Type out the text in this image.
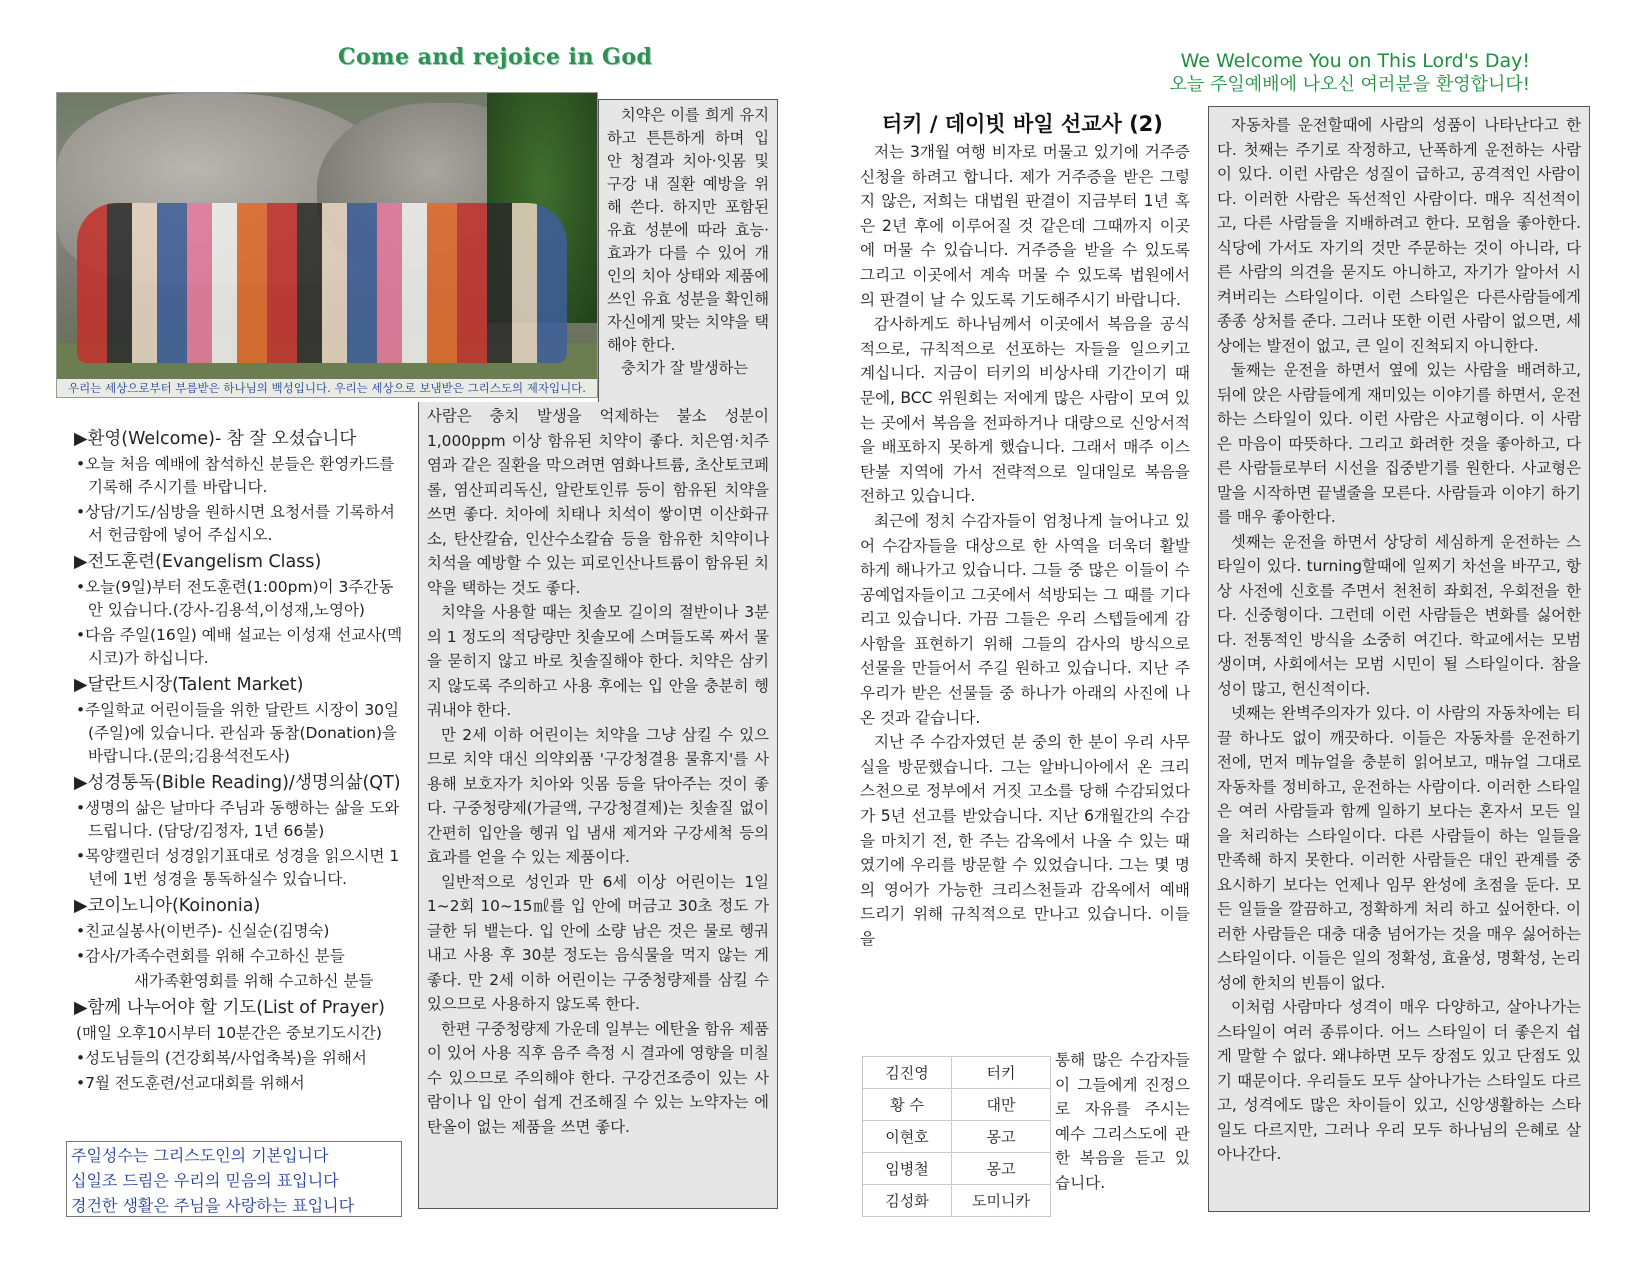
Come and rejoice in God	We Welcome You on This Lord's Day!
오늘 주일예배에 나오신 여러분을 환영합니다!
우리는 세상으로부터 부름받은 하나님의 백성입니다. 우리는 세상으로 보냄받은 그리스도의 제자입니다.

치약은 이를 희게 유지하고 튼튼하게 하며 입 안 청결과 치아·잇몸 및 구강 내 질환 예방을 위해 쓴다. 하지만 포함된 유효 성분에 따라 효능·효과가 다를 수 있어 개인의 치아 상태와 제품에 쓰인 유효 성분을 확인해 자신에게 맞는 치약을 택해야 한다.

충치가 잘 발생하는

사람은 충치 발생을 억제하는 불소 성분이 1,000ppm 이상 함유된 치약이 좋다. 치은염·치주염과 같은 질환을 막으려면 염화나트륨, 초산토코페롤, 염산피리독신, 알란토인류 등이 함유된 치약을 쓰면 좋다. 치아에 치태나 치석이 쌓이면 이산화규소, 탄산칼슘, 인산수소칼슘 등을 함유한 치약이나 치석을 예방할 수 있는 피로인산나트륨이 함유된 치약을 택하는 것도 좋다.

치약을 사용할 때는 칫솔모 길이의 절반이나 3분의 1 정도의 적당량만 칫솔모에 스며들도록 짜서 물을 묻히지 않고 바로 칫솔질해야 한다. 치약은 삼키지 않도록 주의하고 사용 후에는 입 안을 충분히 헹궈내야 한다.

만 2세 이하 어린이는 치약을 그냥 삼킬 수 있으므로 치약 대신 의약외품 '구강청결용 물휴지'를 사용해 보호자가 치아와 잇몸 등을 닦아주는 것이 좋다. 구중청량제(가글액, 구강청결제)는 칫솔질 없이 간편히 입안을 헹궈 입 냄새 제거와 구강세척 등의 효과를 얻을 수 있는 제품이다.

일반적으로 성인과 만 6세 이상 어린이는 1일 1~2회 10~15㎖를 입 안에 머금고 30초 정도 가글한 뒤 뱉는다. 입 안에 소량 남은 것은 물로 헹궈내고 사용 후 30분 정도는 음식물을 먹지 않는 게 좋다. 만 2세 이하 어린이는 구중청량제를 삼킬 수 있으므로 사용하지 않도록 한다.

한편 구중청량제 가운데 일부는 에탄올 함유 제품이 있어 사용 직후 음주 측정 시 결과에 영향을 미칠 수 있으므로 주의해야 한다. 구강건조증이 있는 사람이나 입 안이 쉽게 건조해질 수 있는 노약자는 에탄올이 없는 제품을 쓰면 좋다.

▶환영(Welcome)- 참 잘 오셨습니다

•오늘 처음 예배에 참석하신 분들은 환영카드를 기록해 주시기를 바랍니다.

•상담/기도/심방을 원하시면 요청서를 기록하셔서 헌금함에 넣어 주십시오.

▶전도훈련(Evangelism Class)

•오늘(9일)부터 전도훈련(1:00pm)이 3주간동안 있습니다.(강사-김용석,이성재,노영아)

•다음 주일(16일) 예배 설교는 이성재 선교사(멕시코)가 하십니다.

▶달란트시장(Talent Market)

•주일학교 어린이들을 위한 달란트 시장이 30일(주일)에 있습니다. 관심과 동참(Donation)을 바랍니다.(문의;김용석전도사)

▶성경통독(Bible Reading)/생명의삶(QT)

•생명의 삶은 날마다 주님과 동행하는 삶을 도와드립니다. (담당/김정자, 1년 66불)

•목양캘린더 성경읽기표대로 성경을 읽으시면 1년에 1번 성경을 통독하실수 있습니다.

▶코이노니아(Koinonia)

•친교실봉사(이번주)- 신실순(김명숙)

•감사/가족수련회를 위해 수고하신 분들

새가족환영회를 위해 수고하신 분들

▶함께 나누어야 할 기도(List of Prayer)

(매일 오후10시부터 10분간은 중보기도시간)

•성도님들의 (건강회복/사업축복)을 위해서

•7월 전도훈련/선교대회를 위해서

주일성수는 그리스도인의 기본입니다
십일조 드림은 우리의 믿음의 표입니다
경건한 생활은 주님을 사랑하는 표입니다
터키 / 데이빗 바일 선교사 (2)

저는 3개월 여행 비자로 머물고 있기에 거주증 신청을 하려고 합니다. 제가 거주증을 받은 그렇지 않은, 저희는 대법원 판결이 지금부터 1년 혹은 2년 후에 이루어질 것 같은데 그때까지 이곳에 머물 수 있습니다. 거주증을 받을 수 있도록 그리고 이곳에서 계속 머물 수 있도록 법원에서의 판결이 날 수 있도록 기도해주시기 바랍니다.

감사하게도 하나님께서 이곳에서 복음을 공식적으로, 규칙적으로 선포하는 자들을 일으키고 계십니다. 지금이 터키의 비상사태 기간이기 때문에, BCC 위원회는 저에게 많은 사람이 모여 있는 곳에서 복음을 전파하거나 대량으로 신앙서적을 배포하지 못하게 했습니다. 그래서 매주 이스탄불 지역에 가서 전략적으로 일대일로 복음을 전하고 있습니다.

최근에 정치 수감자들이 엄청나게 늘어나고 있어 수감자들을 대상으로 한 사역을 더욱더 활발하게 해나가고 있습니다. 그들 중 많은 이들이 수공예업자들이고 그곳에서 석방되는 그 때를 기다리고 있습니다. 가끔 그들은 우리 스텝들에게 감사함을 표현하기 위해 그들의 감사의 방식으로 선물을 만들어서 주길 원하고 있습니다. 지난 주 우리가 받은 선물들 중 하나가 아래의 사진에 나온 것과 같습니다.

지난 주 수감자였던 분 중의 한 분이 우리 사무실을 방문했습니다. 그는 알바니아에서 온 크리스천으로 정부에서 거짓 고소를 당해 수감되었다가 5년 선고를 받았습니다. 지난 6개월간의 수감을 마치기 전, 한 주는 감옥에서 나올 수 있는 때였기에 우리를 방문할 수 있었습니다. 그는 몇 명의 영어가 가능한 크리스천들과 감옥에서 예배 드리기 위해 규칙적으로 만나고 있습니다. 이들을

김진영	터키
황 수	대만
이현호	몽고
임병철	몽고
김성화	도미니카
통해 많은 수감자들이 그들에게 진정으로 자유를 주시는 예수 그리스도에 관한 복음을 듣고 있습니다.

자동차를 운전할때에 사람의 성품이 나타난다고 한다. 첫째는 주기로 작정하고, 난폭하게 운전하는 사람이 있다. 이런 사람은 성질이 급하고, 공격적인 사람이다. 이러한 사람은 독선적인 사람이다. 매우 직선적이고, 다른 사람들을 지배하려고 한다. 모험을 좋아한다. 식당에 가서도 자기의 것만 주문하는 것이 아니라, 다른 사람의 의견을 묻지도 아니하고, 자기가 알아서 시켜버리는 스타일이다. 이런 스타일은 다른사람들에게 종종 상처를 준다. 그러나 또한 이런 사람이 없으면, 세상에는 발전이 없고, 큰 일이 진척되지 아니한다.

둘째는 운전을 하면서 옆에 있는 사람을 배려하고, 뒤에 앉은 사람들에게 재미있는 이야기를 하면서, 운전하는 스타일이 있다. 이런 사람은 사교형이다. 이 사람은 마음이 따뜻하다. 그리고 화려한 것을 좋아하고, 다른 사람들로부터 시선을 집중받기를 원한다. 사교형은 말을 시작하면 끝낼줄을 모른다. 사람들과 이야기 하기를 매우 좋아한다.

셋째는 운전을 하면서 상당히 세심하게 운전하는 스타일이 있다. turning할때에 일찌기 차선을 바꾸고, 항상 사전에 신호를 주면서 천천히 좌회전, 우회전을 한다. 신중형이다. 그런데 이런 사람들은 변화를 싫어한다. 전통적인 방식을 소중히 여긴다. 학교에서는 모범생이며, 사회에서는 모범 시민이 될 스타일이다. 참을성이 많고, 헌신적이다.

넷째는 완벽주의자가 있다. 이 사람의 자동차에는 티끌 하나도 없이 깨끗하다. 이들은 자동차를 운전하기 전에, 먼저 메뉴얼을 충분히 읽어보고, 매뉴얼 그대로 자동차를 정비하고, 운전하는 사람이다. 이러한 스타일은 여러 사람들과 함께 일하기 보다는 혼자서 모든 일을 처리하는 스타일이다. 다른 사람들이 하는 일들을 만족해 하지 못한다. 이러한 사람들은 대인 관계를 중요시하기 보다는 언제나 임무 완성에 초점을 둔다. 모든 일들을 깔끔하고, 정확하게 처리 하고 싶어한다. 이러한 사람들은 대충 대충 넘어가는 것을 매우 싫어하는 스타일이다. 이들은 일의 정확성, 효율성, 명확성, 논리성에 한치의 빈틈이 없다.

이처럼 사람마다 성격이 매우 다양하고, 살아나가는 스타일이 여러 종류이다. 어느 스타일이 더 좋은지 쉽게 말할 수 없다. 왜냐하면 모두 장점도 있고 단점도 있기 때문이다. 우리들도 모두 살아나가는 스타일도 다르고, 성격에도 많은 차이들이 있고, 신앙생활하는 스타일도 다르지만, 그러나 우리 모두 하나님의 은혜로 살아나간다.
